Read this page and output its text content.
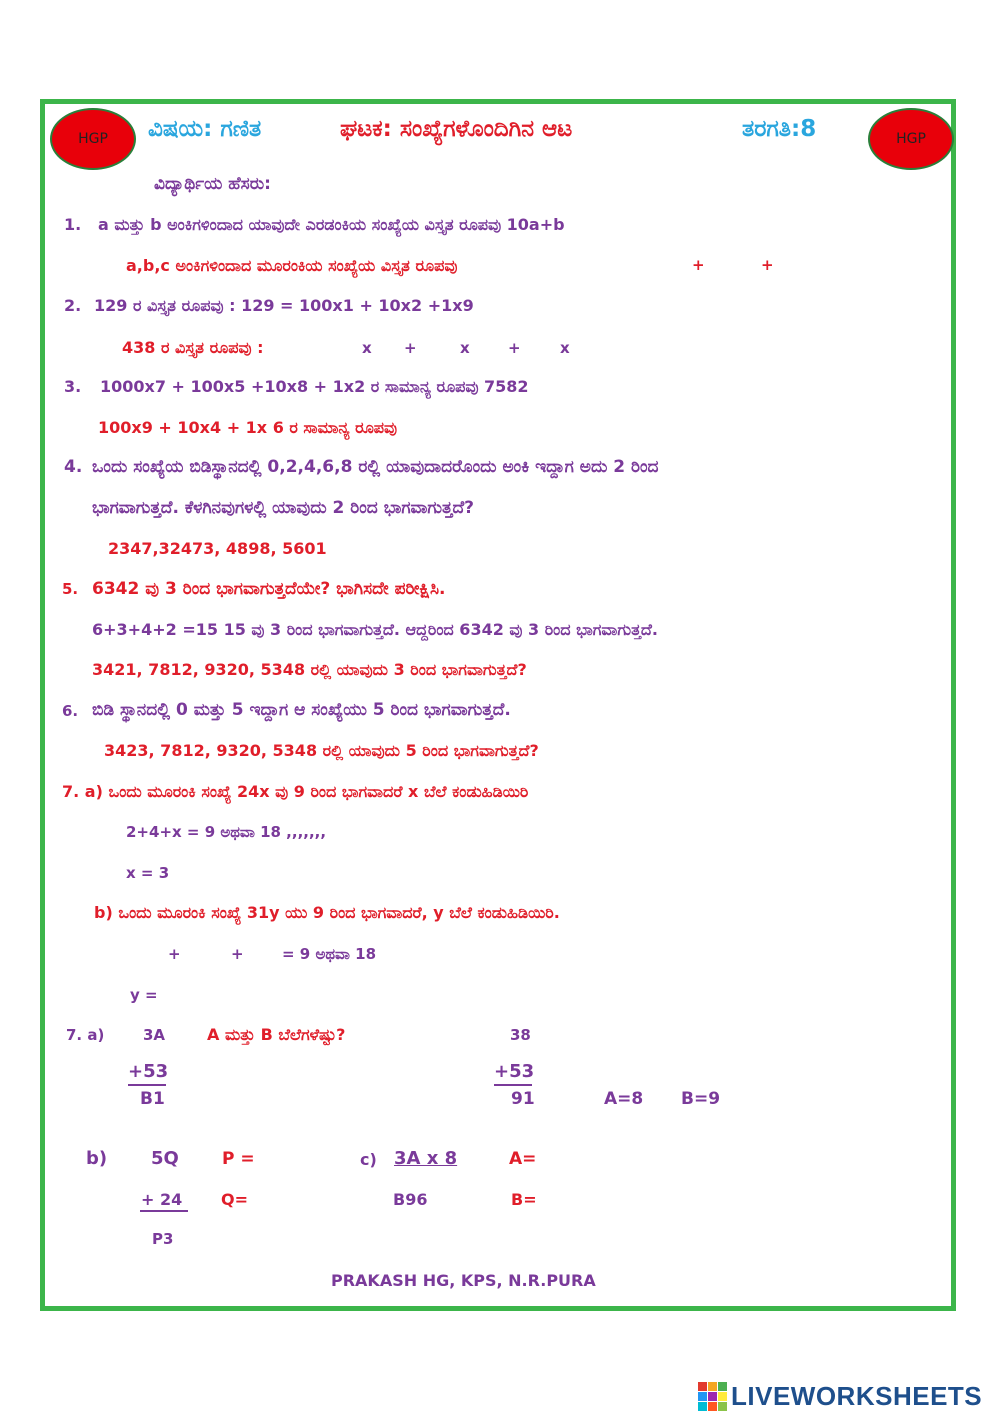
HGP	HGP
ವಿಷಯ: ಗಣಿತ	ಘಟಕ: ಸಂಖ್ಯೆಗಳೊಂದಿಗಿನ ಆಟ	ತರಗತಿ:8
ವಿದ್ಯಾರ್ಥಿಯ ಹೆಸರು:
1. a ಮತ್ತು b ಅಂಕಿಗಳಿಂದಾದ ಯಾವುದೇ ಎರಡಂಕಿಯ ಸಂಖ್ಯೆಯ ವಿಸ್ತೃತ ರೂಪವು 10a+b
a,b,c ಅಂಕಿಗಳಿಂದಾದ ಮೂರಂಕಿಯ ಸಂಖ್ಯೆಯ ವಿಸ್ತೃತ ರೂಪವು	+	+
2. 129 ರ ವಿಸ್ತೃತ ರೂಪವು : 129 = 100x1 + 10x2 +1x9
438 ರ ವಿಸ್ತೃತ ರೂಪವು :	x +	x	+	x
3. 1000x7 + 100x5 +10x8 + 1x2 ರ ಸಾಮಾನ್ಯ ರೂಪವು 7582
100x9 + 10x4 + 1x 6 ರ ಸಾಮಾನ್ಯ ರೂಪವು
4. ಒಂದು ಸಂಖ್ಯೆಯ ಬಿಡಿಸ್ಥಾನದಲ್ಲಿ 0,2,4,6,8 ರಲ್ಲಿ ಯಾವುದಾದರೊಂದು ಅಂಕಿ ಇದ್ದಾಗ ಅದು 2 ರಿಂದ
ಭಾಗವಾಗುತ್ತದೆ. ಕೆಳಗಿನವುಗಳಲ್ಲಿ ಯಾವುದು 2 ರಿಂದ ಭಾಗವಾಗುತ್ತದೆ?
2347,32473, 4898, 5601
5. 6342 ವು 3 ರಿಂದ ಭಾಗವಾಗುತ್ತದೆಯೇ? ಭಾಗಿಸದೇ ಪರೀಕ್ಷಿಸಿ.
6+3+4+2 =15 15 ವು 3 ರಿಂದ ಭಾಗವಾಗುತ್ತದೆ. ಆದ್ದರಿಂದ 6342 ವು 3 ರಿಂದ ಭಾಗವಾಗುತ್ತದೆ.
3421, 7812, 9320, 5348 ರಲ್ಲಿ ಯಾವುದು 3 ರಿಂದ ಭಾಗವಾಗುತ್ತದೆ?
6. ಬಿಡಿ ಸ್ಥಾನದಲ್ಲಿ 0 ಮತ್ತು 5 ಇದ್ದಾಗ ಆ ಸಂಖ್ಯೆಯು 5 ರಿಂದ ಭಾಗವಾಗುತ್ತದೆ.
3423, 7812, 9320, 5348 ರಲ್ಲಿ ಯಾವುದು 5 ರಿಂದ ಭಾಗವಾಗುತ್ತದೆ?
7. a) ಒಂದು ಮೂರಂಕಿ ಸಂಖ್ಯೆ 24x ವು 9 ರಿಂದ ಭಾಗವಾದರೆ x ಬೆಲೆ ಕಂಡುಹಿಡಿಯಿರಿ
2+4+x = 9 ಅಥವಾ 18 ,,,,,,,
x = 3
b) ಒಂದು ಮೂರಂಕಿ ಸಂಖ್ಯೆ 31y ಯು 9 ರಿಂದ ಭಾಗವಾದರೆ, y ಬೆಲೆ ಕಂಡುಹಿಡಿಯಿರಿ.
+	+	= 9 ಅಥವಾ 18
y =
7. a)	3A	A ಮತ್ತು B ಬೆಲೆಗಳೆಷ್ಟು?
+53
B1
38
+53
91	A=8 B=9
b) 5Q	P =
+ 24 Q=
P3
c) 3A x 8	A=
B96	B=
PRAKASH HG, KPS, N.R.PURA
LIVEWORKSHEETS
